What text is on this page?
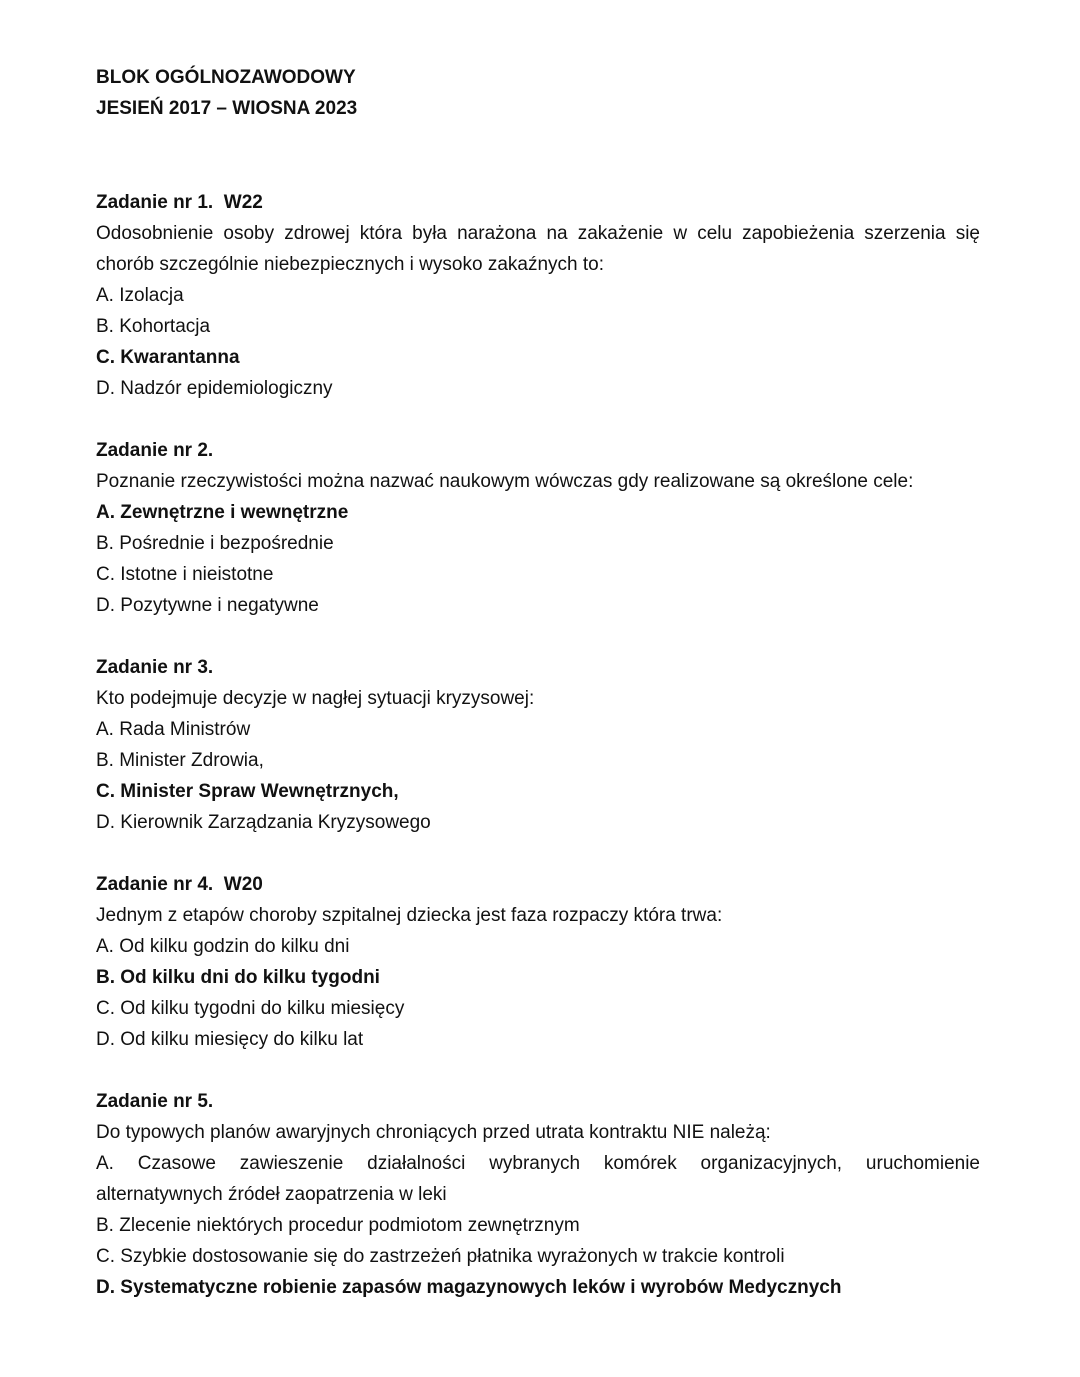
BLOK OGÓLNOZAWODOWY
JESIEŃ 2017 – WIOSNA 2023
Zadanie nr 1.  W22
Odosobnienie osoby zdrowej która była narażona na zakażenie w celu zapobieżenia szerzenia się chorób szczególnie niebezpiecznych i wysoko zakaźnych to:
A. Izolacja
B. Kohortacja
C. Kwarantanna
D. Nadzór epidemiologiczny
Zadanie nr 2.
Poznanie rzeczywistości można nazwać naukowym wówczas gdy realizowane są określone cele:
A. Zewnętrzne i wewnętrzne
B. Pośrednie i bezpośrednie
C. Istotne i nieistotne
D. Pozytywne i negatywne
Zadanie nr 3.
Kto podejmuje decyzje w nagłej sytuacji kryzysowej:
A. Rada Ministrów
B. Minister Zdrowia,
C. Minister Spraw Wewnętrznych,
D. Kierownik Zarządzania Kryzysowego
Zadanie nr 4.  W20
Jednym z etapów choroby szpitalnej dziecka jest faza rozpaczy która trwa:
A. Od kilku godzin do kilku dni
B. Od kilku dni do kilku tygodni
C. Od kilku tygodni do kilku miesięcy
D. Od kilku miesięcy do kilku lat
Zadanie nr 5.
Do typowych planów awaryjnych chroniących przed utrata kontraktu NIE należą:
A. Czasowe zawieszenie działalności wybranych komórek organizacyjnych, uruchomienie alternatywnych źródeł zaopatrzenia w leki
B. Zlecenie niektórych procedur podmiotom zewnętrznym
C. Szybkie dostosowanie się do zastrzeżeń płatnika wyrażonych w trakcie kontroli
D. Systematyczne robienie zapasów magazynowych leków i wyrobów Medycznych
